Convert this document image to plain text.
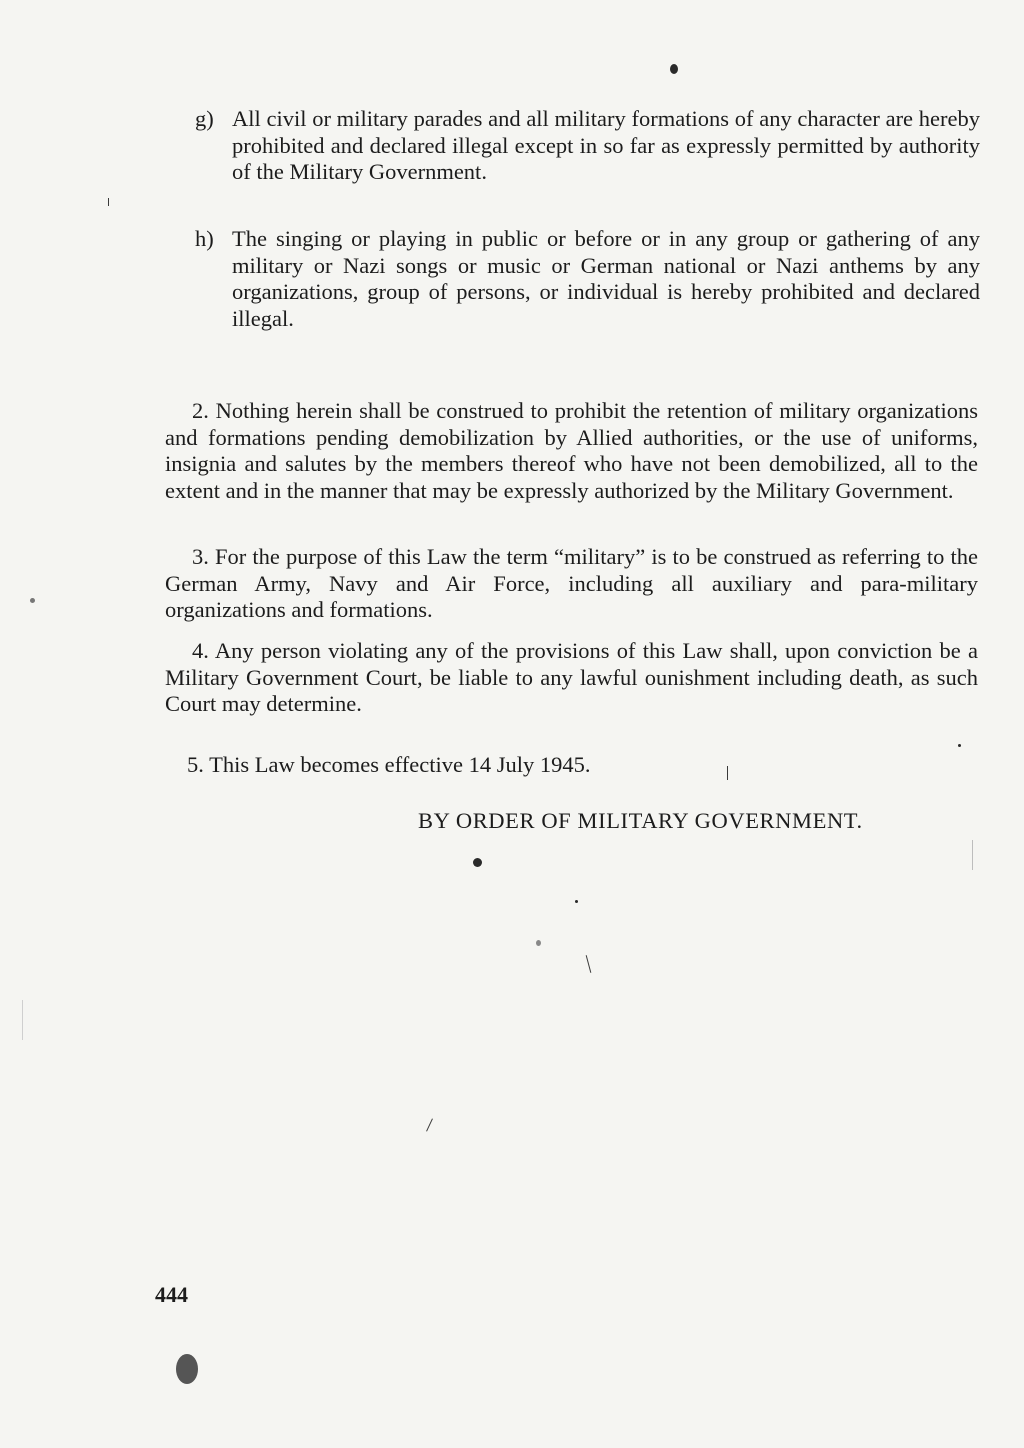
g) All civil or military parades and all military formations of any character are hereby prohibited and declared illegal except in so far as expressly permitted by authority of the Military Government.
h) The singing or playing in public or before or in any group or gathering of any military or Nazi songs or music or German national or Nazi anthems by any organizations, group of persons, or individual is hereby prohibited and declared illegal.
2. Nothing herein shall be construed to prohibit the retention of military organizations and formations pending demobilization by Allied authorities, or the use of uniforms, insignia and salutes by the members thereof who have not been demobilized, all to the extent and in the manner that may be expressly authorized by the Military Government.
3. For the purpose of this Law the term “military” is to be construed as referring to the German Army, Navy and Air Force, including all auxiliary and para-military organizations and formations.
4. Any person violating any of the provisions of this Law shall, upon conviction be a Military Government Court, be liable to any lawful ounishment including death, as such Court may determine.
5. This Law becomes effective 14 July 1945.
BY ORDER OF MILITARY GOVERNMENT.
444
